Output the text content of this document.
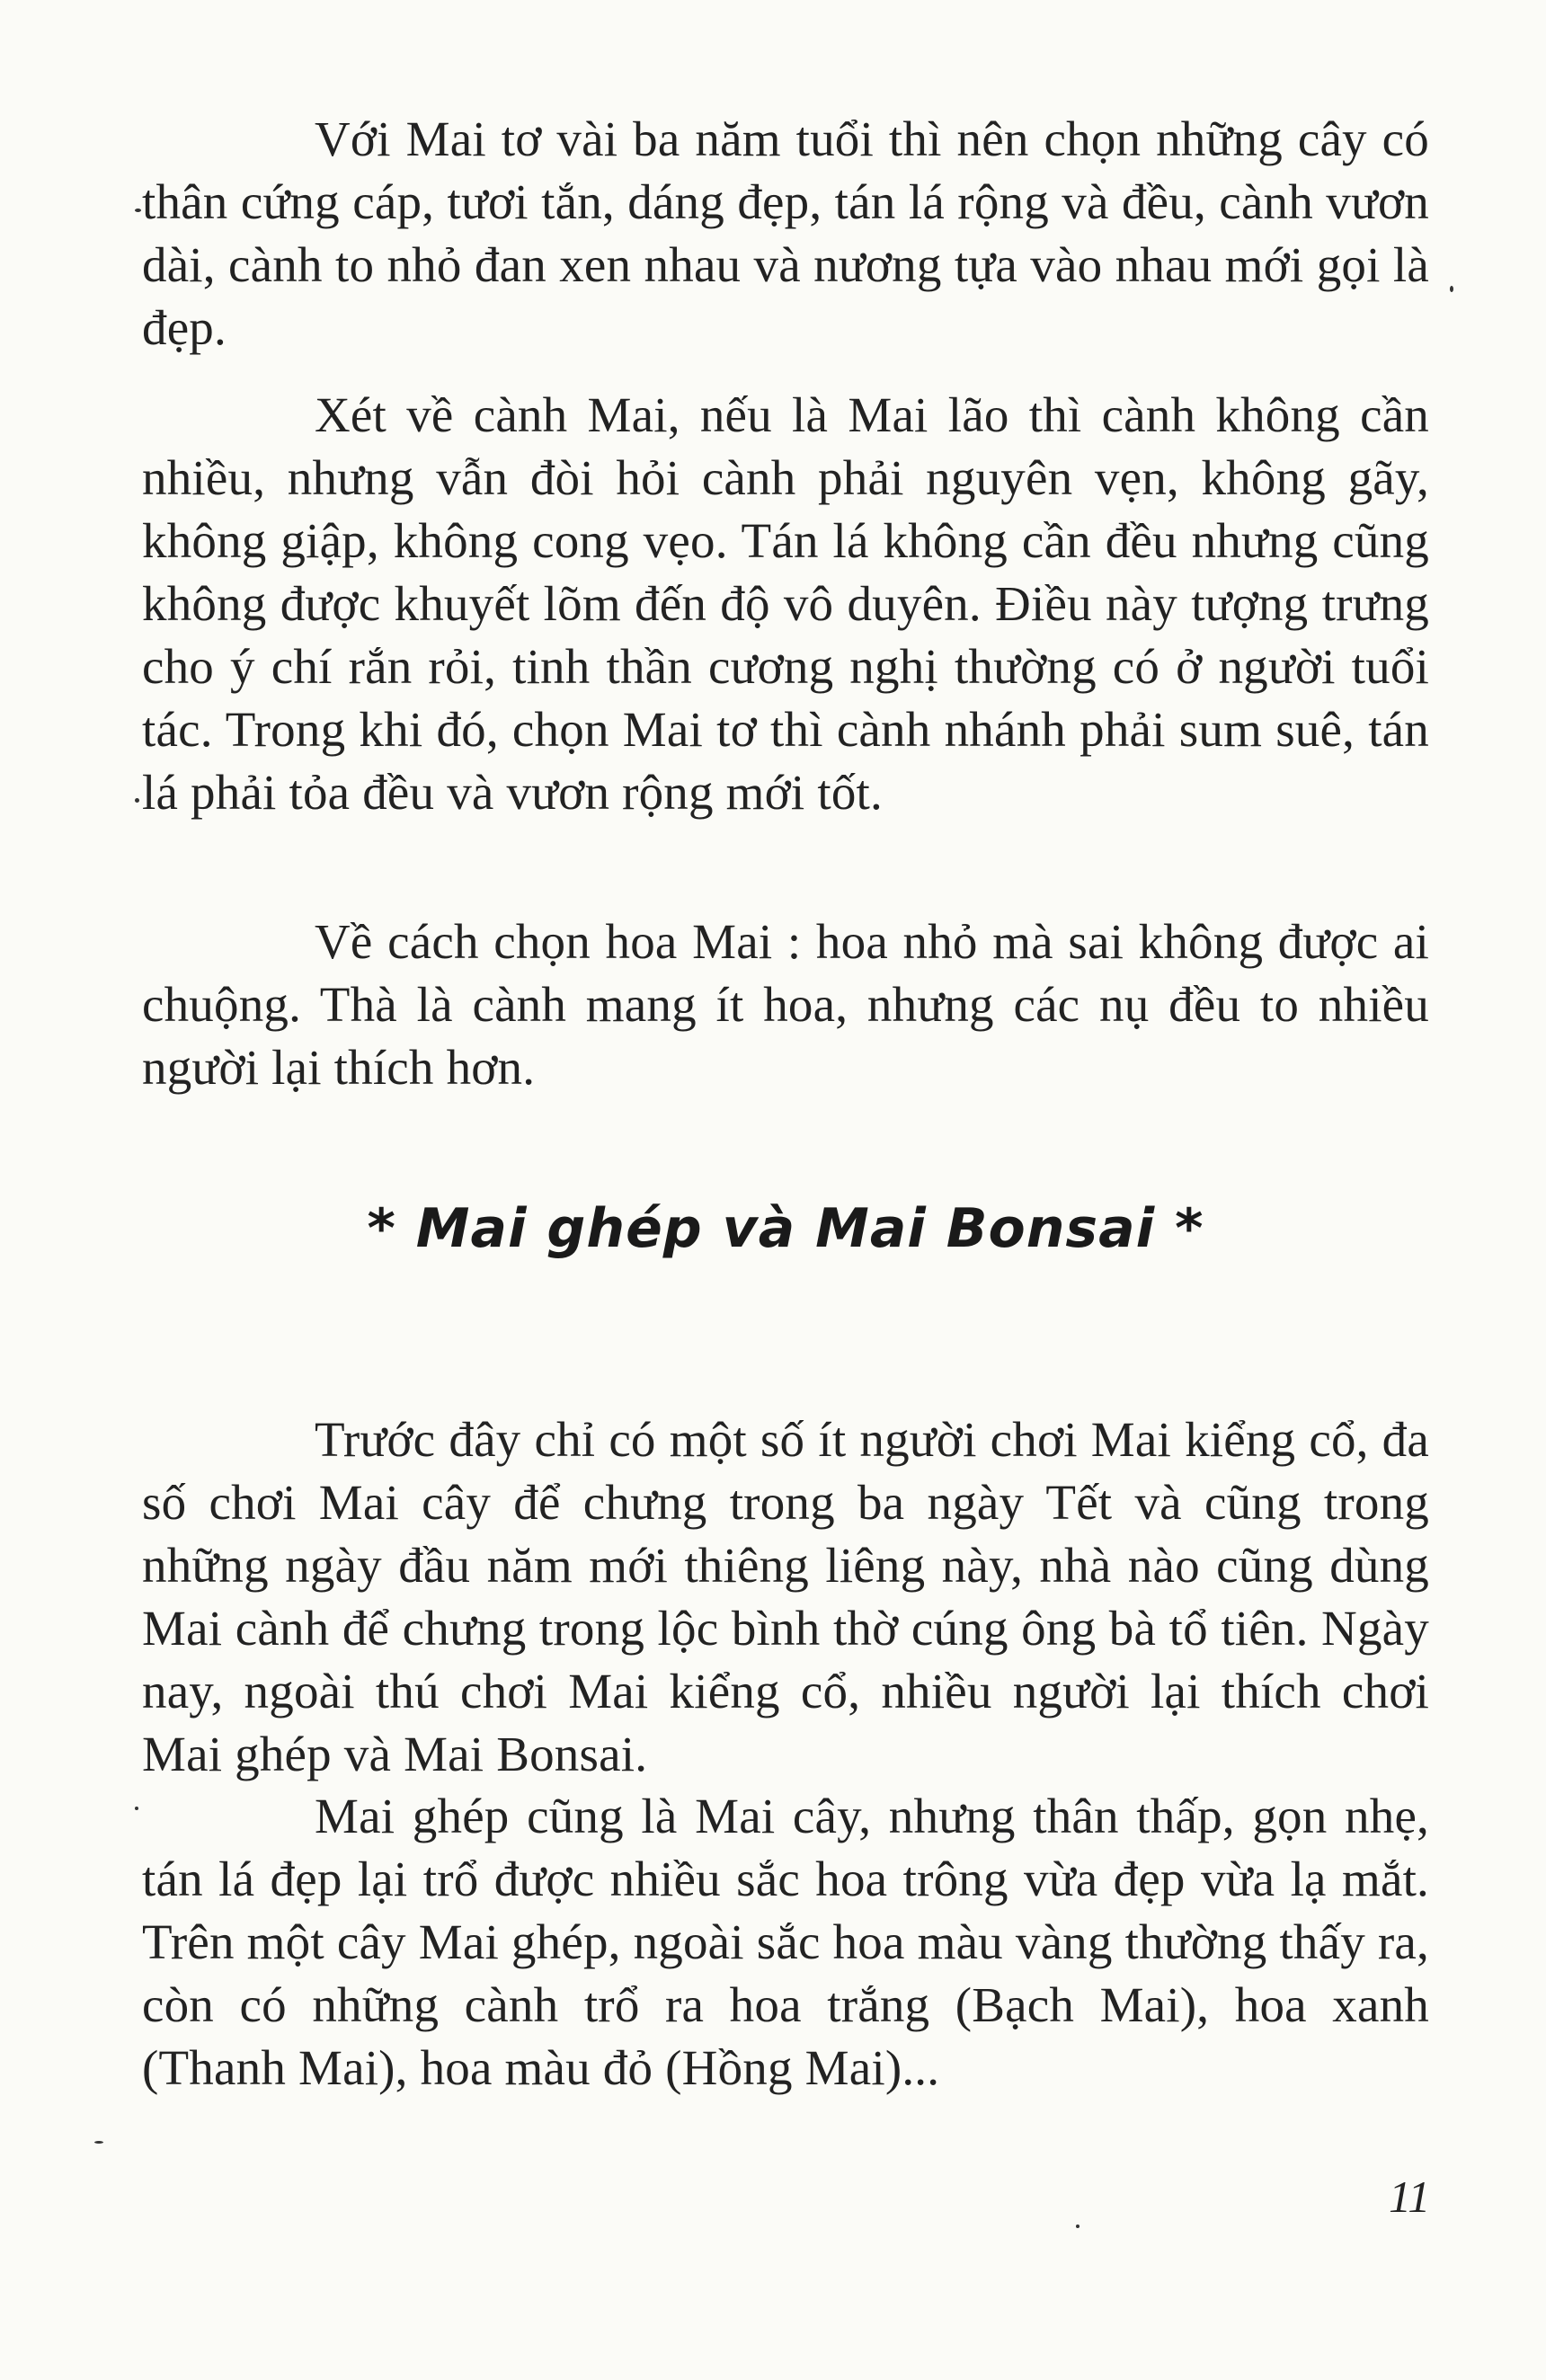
Với Mai tơ vài ba năm tuổi thì nên chọn những cây có thân cứng cáp, tươi tắn, dáng đẹp, tán lá rộng và đều, cành vươn dài, cành to nhỏ đan xen nhau và nương tựa vào nhau mới gọi là đẹp.

Xét về cành Mai, nếu là Mai lão thì cành không cần nhiều, nhưng vẫn đòi hỏi cành phải nguyên vẹn, không gãy, không giập, không cong vẹo. Tán lá không cần đều nhưng cũng không được khuyết lõm đến độ vô duyên. Điều này tượng trưng cho ý chí rắn rỏi, tinh thần cương nghị thường có ở người tuổi tác. Trong khi đó, chọn Mai tơ thì cành nhánh phải sum suê, tán lá phải tỏa đều và vươn rộng mới tốt.

Về cách chọn hoa Mai : hoa nhỏ mà sai không được ai chuộng. Thà là cành mang ít hoa, nhưng các nụ đều to nhiều người lại thích hơn.

* Mai ghép và Mai Bonsai *

Trước đây chỉ có một số ít người chơi Mai kiểng cổ, đa số chơi Mai cây để chưng trong ba ngày Tết và cũng trong những ngày đầu năm mới thiêng liêng này, nhà nào cũng dùng Mai cành để chưng trong lộc bình thờ cúng ông bà tổ tiên. Ngày nay, ngoài thú chơi Mai kiểng cổ, nhiều người lại thích chơi Mai ghép và Mai Bonsai.

Mai ghép cũng là Mai cây, nhưng thân thấp, gọn nhẹ, tán lá đẹp lại trổ được nhiều sắc hoa trông vừa đẹp vừa lạ mắt. Trên một cây Mai ghép, ngoài sắc hoa màu vàng thường thấy ra, còn có những cành trổ ra hoa trắng (Bạch Mai), hoa xanh (Thanh Mai), hoa màu đỏ (Hồng Mai)...

11
